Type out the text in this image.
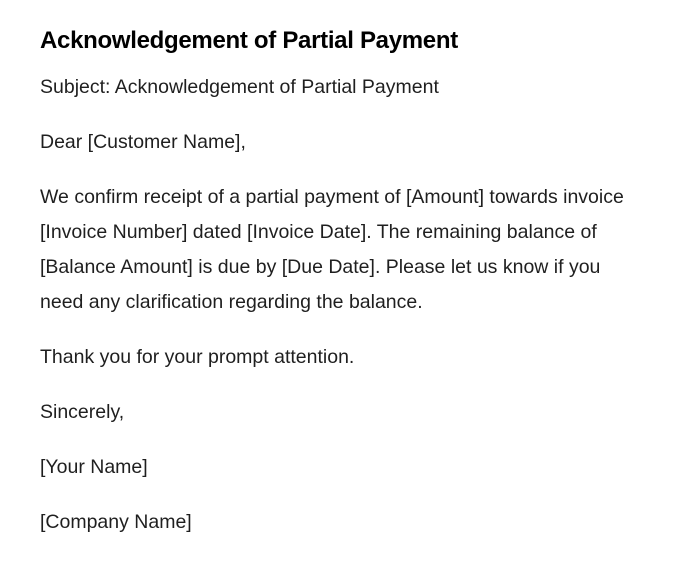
Acknowledgement of Partial Payment

Subject: Acknowledgement of Partial Payment

Dear [Customer Name],

We confirm receipt of a partial payment of [Amount] towards invoice [Invoice Number] dated [Invoice Date]. The remaining balance of [Balance Amount] is due by [Due Date]. Please let us know if you need any clarification regarding the balance.

Thank you for your prompt attention.

Sincerely,

[Your Name]

[Company Name]
